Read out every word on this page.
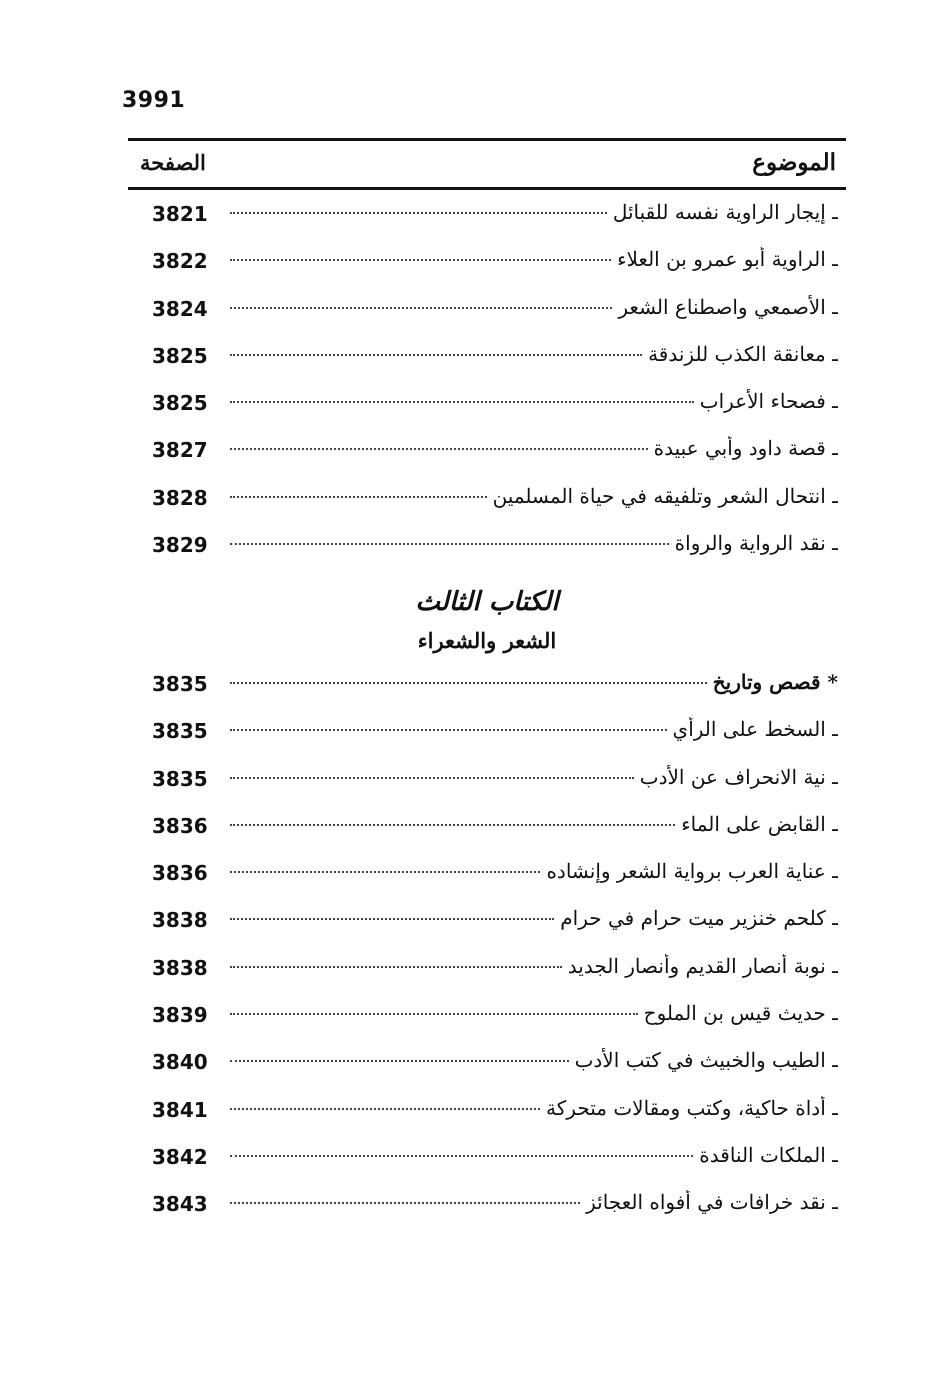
3991
الموضوع
الصفحة
3821	ـ إيجار الراوية نفسه للقبائل
3822	ـ الراوية أبو عمرو بن العلاء
3824	ـ الأصمعي واصطناع الشعر
3825	ـ معانقة الكذب للزندقة
3825	ـ فصحاء الأعراب
3827	ـ قصة داود وأبي عبيدة
3828	ـ انتحال الشعر وتلفيقه في حياة المسلمين
3829	ـ نقد الرواية والرواة
الكتاب الثالث
الشعر والشعراء
3835	* قصص وتاريخ
3835	ـ السخط على الرأي
3835	ـ نية الانحراف عن الأدب
3836	ـ القابض على الماء
3836	ـ عناية العرب برواية الشعر وإنشاده
3838	ـ كلحم خنزير ميت حرام في حرام
3838	ـ نوبة أنصار القديم وأنصار الجديد
3839	ـ حديث قيس بن الملوح
3840	ـ الطيب والخبيث في كتب الأدب
3841	ـ أداة حاكية، وكتب ومقالات متحركة
3842	ـ الملكات الناقدة
3843	ـ نقد خرافات في أفواه العجائز
